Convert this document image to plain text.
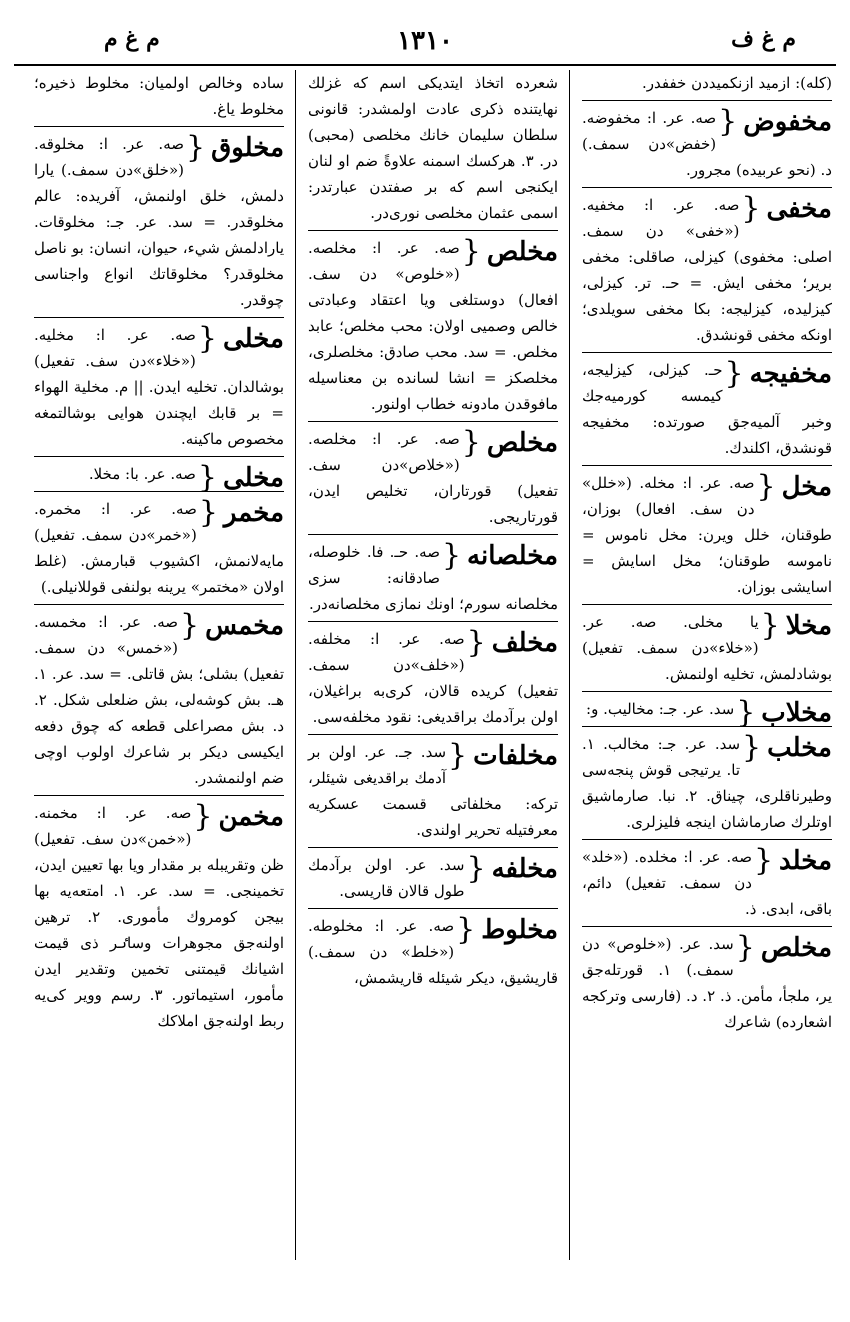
م غ ف
١٣١٠
م غ م
(كله): ازميد ازنكميددن خففدر.
مخفوض
{
صه. عر. ا: مخفوضه. (خفض»دن سمف.) د. (نحو عربيده) مجرور.
مخفی
{
صه. عر. ا: مخفيه. («خفی» دن سمف. اصلی: مخفوی) كيزلی، صاقلی: مخفی برير؛ مخفی ايش. = حـ. تر. كيزلی، كيزليده، كيزليجه: بكا مخفی سويلدی؛ اونكه مخفی قونشدق.
مخفيجه
{
حـ. كيزلی، كيزليجه، كيمسه كورميه‌جك وخبر آلميه‌جق صورتده: مخفيجه قونشدق، اكلندك.
مخل
{
صه. عر. ا: مخله. («خلل» دن سف. افعال) بوزان، طوقنان، خلل ويرن: مخل ناموس = ناموسه طوقنان؛ مخل اسايش = اسايشی بوزان.
مخلا
{
يا مخلی. صه. عر. («خلاء»دن سمف. تفعيل) بوشادلمش، تخليه اولنمش.
مخلاب
{
سد. عر. جـ: مخاليب. و:
مخلب
{
سد. عر. جـ: مخالب. ١. تا. يرتيجی قوش پنجه‌سی وطيرناقلری، چيناق. ٢. نبا. صارماشيق اوتلرك صارماشان اينجه فليزلری.
مخلد
{
صه. عر. ا: مخلده. («خلد» دن سمف. تفعيل) دائم، باقی، ابدی. ذ.
مخلص
{
سد. عر. («خلوص» دن سمف.) ١. قورتله‌جق ير، ملجأ، مأمن. ذ. ٢. د. (فارسی وتركجه اشعارده) شاعرك
شعرده اتخاذ ايتديكی اسم كه غزلك نهايتنده ذكری عادت اولمشدر: قانونی سلطان سليمان خانك مخلصی (محبی) در. ٣. هركسك اسمنه علاوةً ضم او لنان ايكنجی اسم كه بر صفتدن عبارتدر: اسمی عثمان مخلصی نوری‌در.
مخلص
{
صه. عر. ا: مخلصه. («خلوص» دن سف. افعال) دوستلغی ويا اعتقاد وعبادتی خالص وصميی اولان: محب مخلص؛ عابد مخلص. = سد. محب صادق: مخلصلری، مخلصكز = انشا لسانده بن معناسيله مافوقدن مادونه خطاب اولنور.
مخلص
{
صه. عر. ا: مخلصه. («خلاص»دن سف. تفعيل) قورتاران، تخليص ايدن، قورتاريجی.
مخلصانه
{
صه. حـ. فا. خلوصله، صادقانه: سزی مخلصانه سورم؛ اونك نمازی مخلصانه‌در.
مخلف
{
صه. عر. ا: مخلفه. («خلف»دن سمف. تفعيل) كريده قالان، كری‌به براغيلان، اولن برآدمك براقديغی: نقود مخلفه‌سی.
مخلفات
{
سد. جـ. عر. اولن بر آدمك براقديغی شيئلر، تركه: مخلفاتی قسمت عسكريه معرفتيله تحرير اولندی.
مخلفه
{
سد. عر. اولن برآدمك طول قالان قاريسی.
مخلوط
{
صه. عر. ا: مخلوطه. («خلط» دن سمف.) قاريشيق، ديكر شيئله قاريشمش،
ساده وخالص اولميان: مخلوط ذخيره؛ مخلوط ياغ.
مخلوق
{
صه. عر. ا: مخلوقه. («خلق»دن سمف.) يارا دلمش، خلق اولنمش، آفريده: عالم مخلوقدر. = سد. عر. جـ: مخلوقات. يارادلمش شيء، حيوان، انسان: بو ناصل مخلوقدر؟ مخلوقاتك انواع واجناسی چوقدر.
مخلی
{
صه. عر. ا: مخليه. («خلاء»دن سف. تفعيل) بوشالدان. تخليه ايدن. || م. مخلية الهواء = بر قابك ايچندن هوايی بوشالتمغه مخصوص ماكينه.
مخلی
{
صه. عر. با: مخلا.
مخمر
{
صه. عر. ا: مخمره. («خمر»دن سمف. تفعيل) مايه‌لانمش، اكشيوب قبارمش. (غلط اولان «مختمر» يرينه بولنفی قوللانيلی.)
مخمس
{
صه. عر. ا: مخمسه. («خمس» دن سمف. تفعيل) بشلی؛ بش قاتلی. = سد. عر. ١. هـ. بش كوشه‌لی، بش ضلعلی شكل. ٢. د. بش مصراعلی قطعه كه چوق دفعه ايكيسی ديكر بر شاعرك اولوب اوچی ضم اولنمشدر.
مخمن
{
صه. عر. ا: مخمنه. («خمن»دن سف. تفعيل) ظن وتقريبله بر مقدار ويا بها تعيين ايدن، تخمينجی. = سد. عر. ١. امتعه‌يه بها بيجن كومروك مأموری. ٢. ترهين اولنه‌جق مجوهرات وساٸر ذی قيمت اشيانك قيمتنی تخمين وتقدير ايدن مأمور، استيماتور. ٣. رسم ووير كی‌يه ربط اولنه‌جق املاكك
